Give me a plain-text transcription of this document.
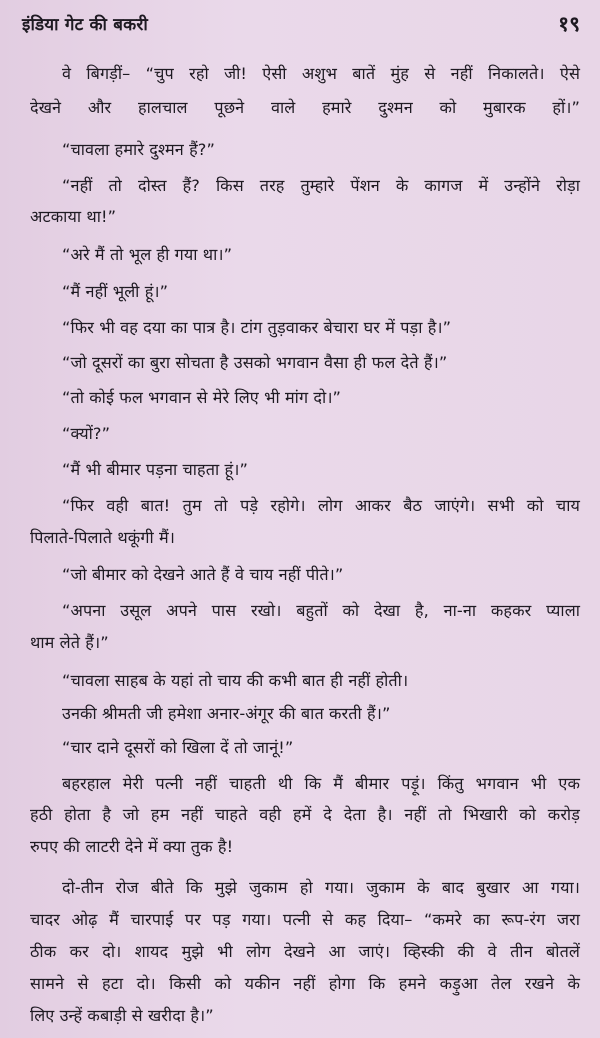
इंडिया गेट की बकरी	१९
वे बिगड़ीं– “चुप रहो जी! ऐसी अशुभ बातें मुंह से नहीं निकालते। ऐसे
देखने और हालचाल पूछने वाले हमारे दुश्मन को मुबारक हों।”
“चावला हमारे दुश्मन हैं?”
“नहीं तो दोस्त हैं? किस तरह तुम्हारे पेंशन के कागज में उन्होंने रोड़ा
अटकाया था!”
“अरे मैं तो भूल ही गया था।”
“मैं नहीं भूली हूं।”
“फिर भी वह दया का पात्र है। टांग तुड़वाकर बेचारा घर में पड़ा है।”
“जो दूसरों का बुरा सोचता है उसको भगवान वैसा ही फल देते हैं।”
“तो कोई फल भगवान से मेरे लिए भी मांग दो।”
“क्यों?”
“मैं भी बीमार पड़ना चाहता हूं।”
“फिर वही बात! तुम तो पड़े रहोगे। लोग आकर बैठ जाएंगे। सभी को चाय
पिलाते-पिलाते थकूंगी मैं।
“जो बीमार को देखने आते हैं वे चाय नहीं पीते।”
“अपना उसूल अपने पास रखो। बहुतों को देखा है, ना-ना कहकर प्याला
थाम लेते हैं।”
“चावला साहब के यहां तो चाय की कभी बात ही नहीं होती।
उनकी श्रीमती जी हमेशा अनार-अंगूर की बात करती हैं।”
“चार दाने दूसरों को खिला दें तो जानूं!”
बहरहाल मेरी पत्नी नहीं चाहती थी कि मैं बीमार पड़ूं। किंतु भगवान भी एक
हठी होता है जो हम नहीं चाहते वही हमें दे देता है। नहीं तो भिखारी को करोड़
रुपए की लाटरी देने में क्या तुक है!
दो-तीन रोज बीते कि मुझे जुकाम हो गया। जुकाम के बाद बुखार आ गया।
चादर ओढ़ मैं चारपाई पर पड़ गया। पत्नी से कह दिया– “कमरे का रूप-रंग जरा
ठीक कर दो। शायद मुझे भी लोग देखने आ जाएं। व्हिस्की की वे तीन बोतलें
सामने से हटा दो। किसी को यकीन नहीं होगा कि हमने कड़ुआ तेल रखने के
लिए उन्हें कबाड़ी से खरीदा है।”
